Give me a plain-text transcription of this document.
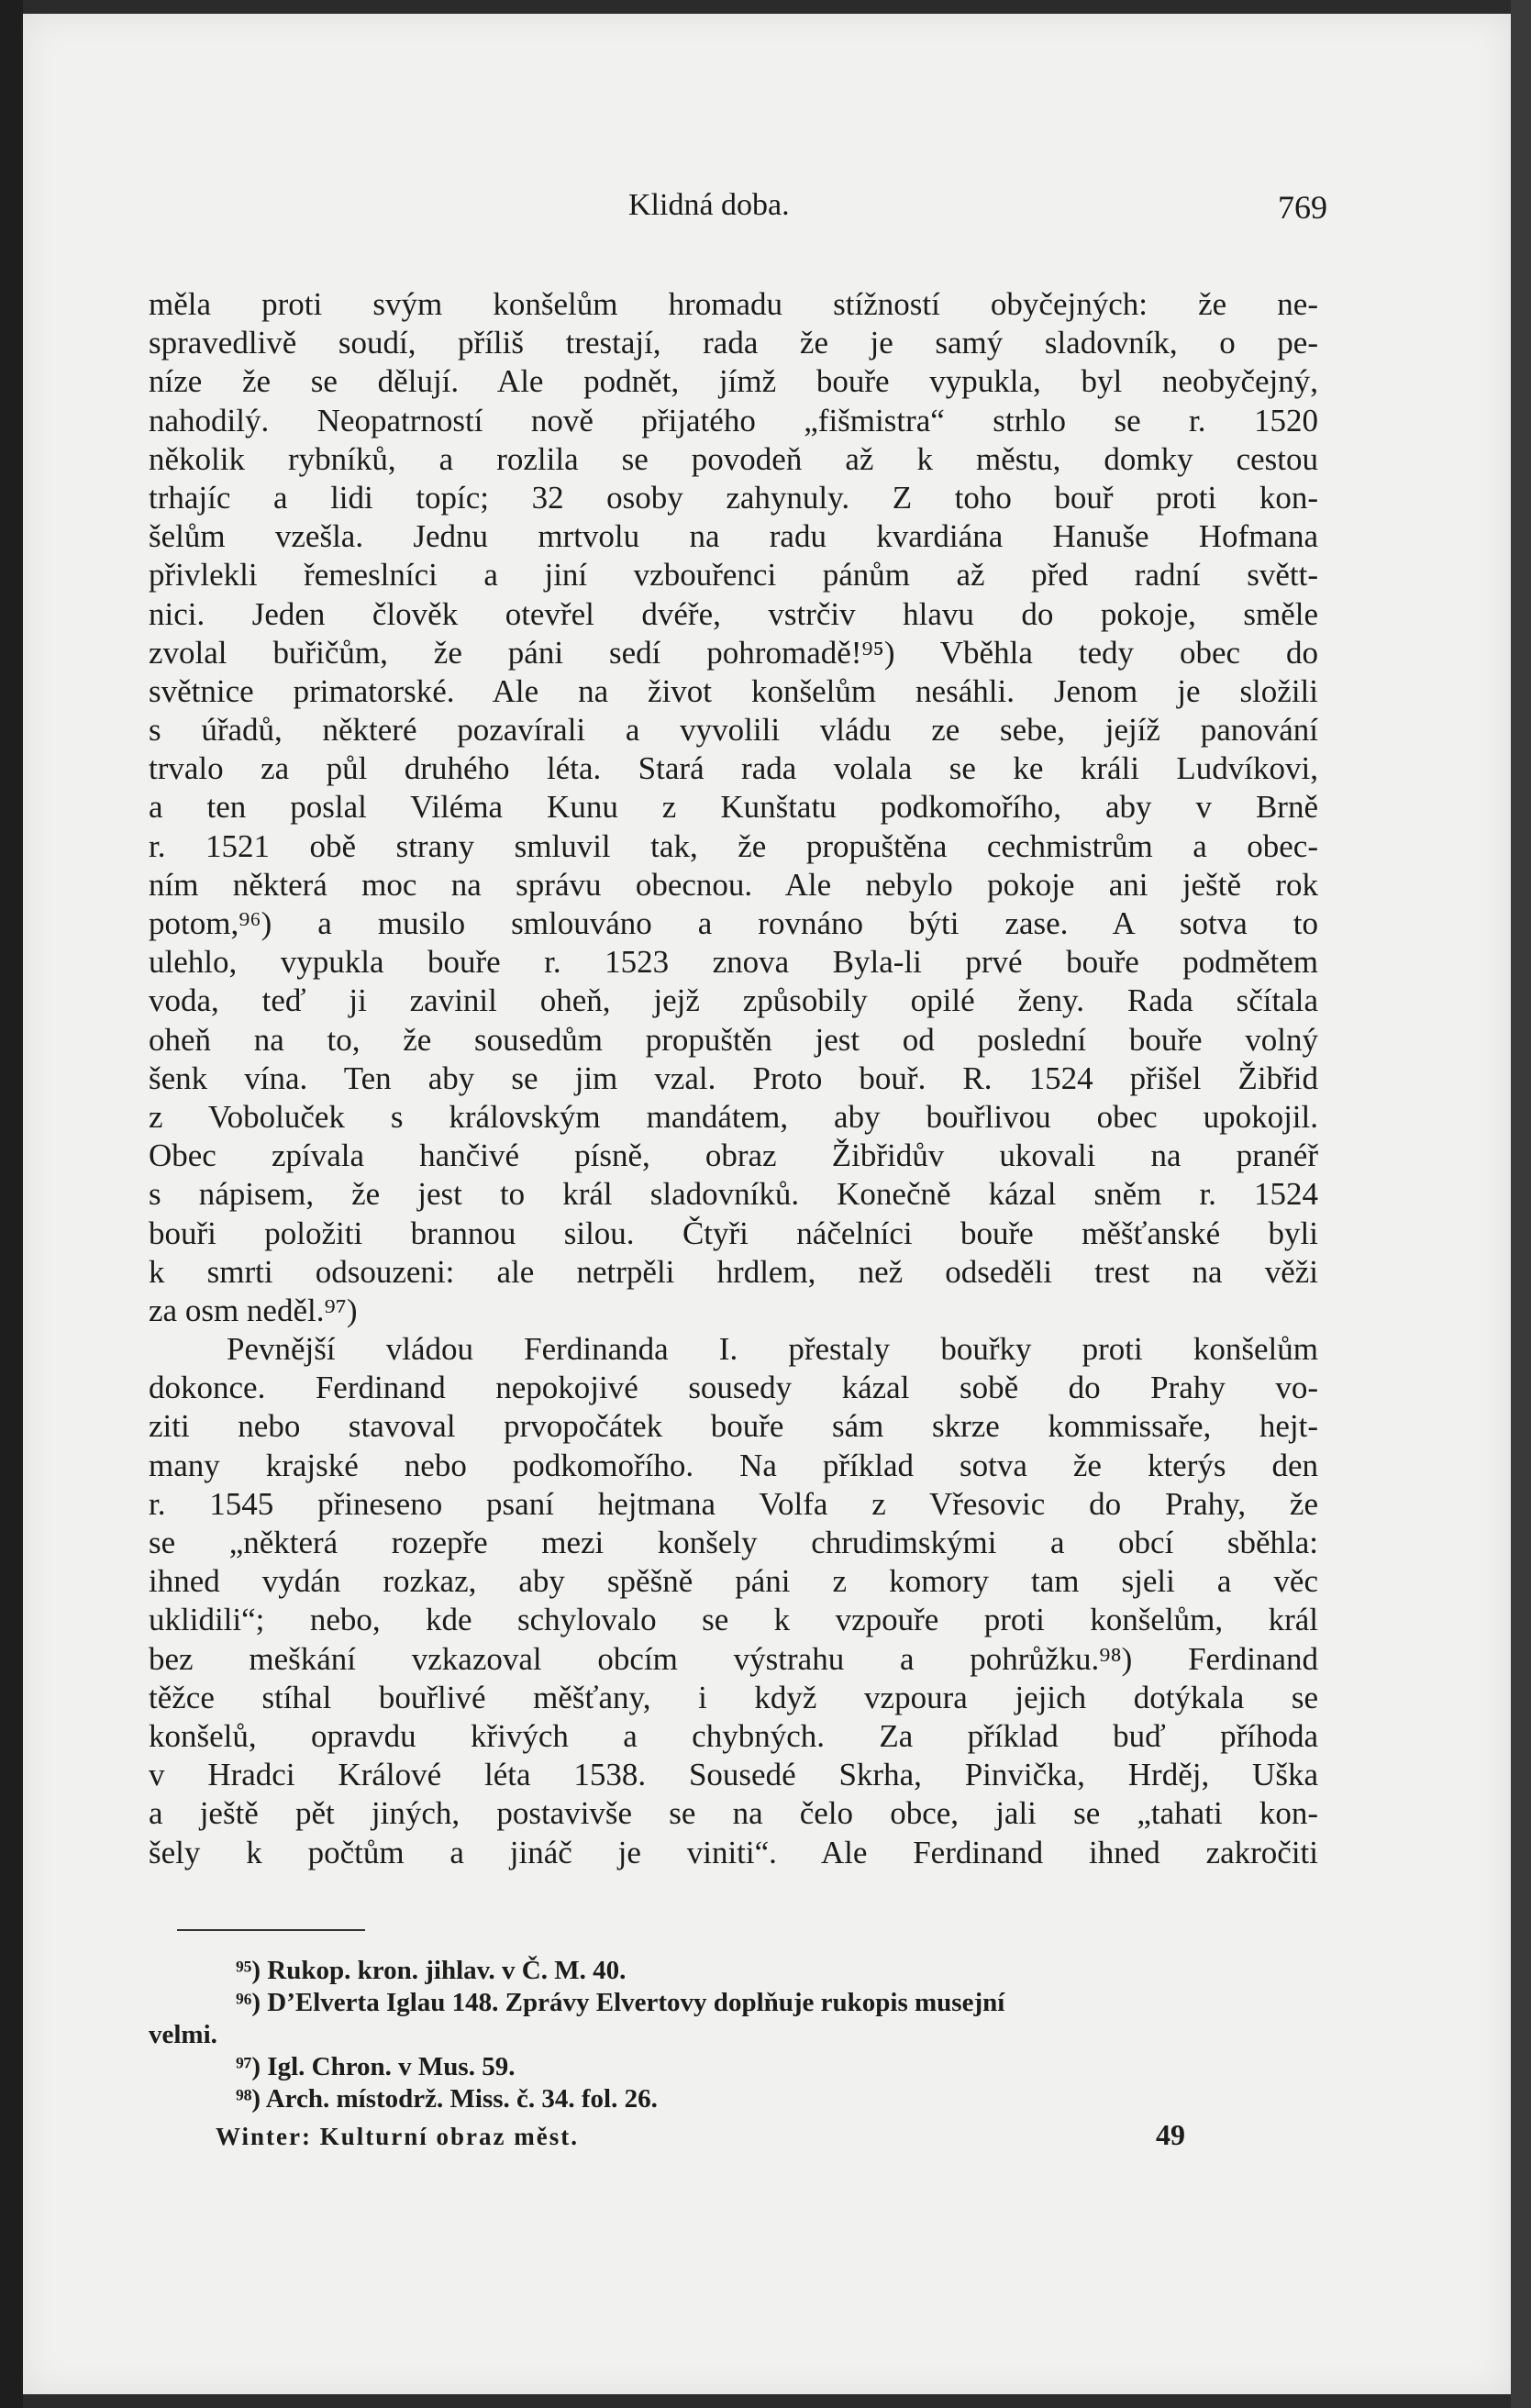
Klidná doba.	769
měla proti svým konšelům hromadu stížností obyčejných: že ne-
spravedlivě soudí, příliš trestají, rada že je samý sladovník, o pe-
níze že se dělují. Ale podnět, jímž bouře vypukla, byl neobyčejný,
nahodilý. Neopatrností nově přijatého „fišmistra“ strhlo se r. 1520
několik rybníků, a rozlila se povodeň až k městu, domky cestou
trhajíc a lidi topíc; 32 osoby zahynuly. Z toho bouř proti kon-
šelům vzešla. Jednu mrtvolu na radu kvardiána Hanuše Hofmana
přivlekli řemeslníci a jiní vzbouřenci pánům až před radní světt-
nici. Jeden člověk otevřel dvéře, vstrčiv hlavu do pokoje, směle
zvolal buřičům, že páni sedí pohromadě!⁹⁵) Vběhla tedy obec do
světnice primatorské. Ale na život konšelům nesáhli. Jenom je složili
s úřadů, některé pozavírali a vyvolili vládu ze sebe, jejíž panování
trvalo za půl druhého léta. Stará rada volala se ke králi Ludvíkovi,
a ten poslal Viléma Kunu z Kunštatu podkomořího, aby v Brně
r. 1521 obě strany smluvil tak, že propuštěna cechmistrům a obec-
ním některá moc na správu obecnou. Ale nebylo pokoje ani ještě rok
potom,⁹⁶) a musilo smlouváno a rovnáno býti zase. A sotva to
ulehlo, vypukla bouře r. 1523 znova Byla-li prvé bouře podmětem
voda, teď ji zavinil oheň, jejž způsobily opilé ženy. Rada sčítala
oheň na to, že sousedům propuštěn jest od poslední bouře volný
šenk vína. Ten aby se jim vzal. Proto bouř. R. 1524 přišel Žibřid
z Voboluček s královským mandátem, aby bouřlivou obec upokojil.
Obec zpívala hančivé písně, obraz Žibřidův ukovali na pranéř
s nápisem, že jest to král sladovníků. Konečně kázal sněm r. 1524
bouři položiti brannou silou. Čtyři náčelníci bouře měšťanské byli
k smrti odsouzeni: ale netrpěli hrdlem, než odseděli trest na věži
za osm neděl.⁹⁷)
Pevnější vládou Ferdinanda I. přestaly bouřky proti konšelům
dokonce. Ferdinand nepokojivé sousedy kázal sobě do Prahy vo-
ziti nebo stavoval prvopočátek bouře sám skrze kommissaře, hejt-
many krajské nebo podkomořího. Na příklad sotva že kterýs den
r. 1545 přineseno psaní hejtmana Volfa z Vřesovic do Prahy, že
se „některá rozepře mezi konšely chrudimskými a obcí sběhla:
ihned vydán rozkaz, aby spěšně páni z komory tam sjeli a věc
uklidili“; nebo, kde schylovalo se k vzpouře proti konšelům, král
bez meškání vzkazoval obcím výstrahu a pohrůžku.⁹⁸) Ferdinand
těžce stíhal bouřlivé měšťany, i když vzpoura jejich dotýkala se
konšelů, opravdu křivých a chybných. Za příklad buď příhoda
v Hradci Králové léta 1538. Sousedé Skrha, Pinvička, Hrděj, Uška
a ještě pět jiných, postavivše se na čelo obce, jali se „tahati kon-
šely k počtům a jináč je viniti“. Ale Ferdinand ihned zakročiti
⁹⁵) Rukop. kron. jihlav. v Č. M. 40.
⁹⁶) D’Elverta Iglau 148. Zprávy Elvertovy doplňuje rukopis musejní
velmi.
⁹⁷) Igl. Chron. v Mus. 59.
⁹⁸) Arch. místodrž. Miss. č. 34. fol. 26.
Winter: Kulturní obraz měst.	49
